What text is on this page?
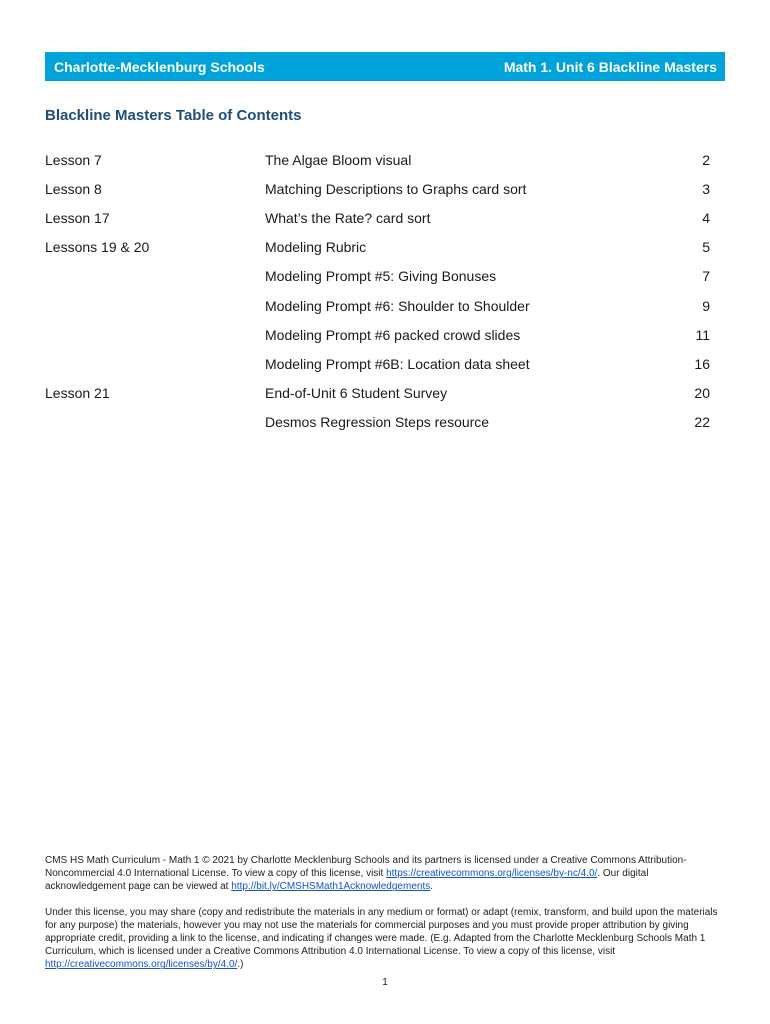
Charlotte-Mecklenburg Schools	Math 1. Unit 6 Blackline Masters
Blackline Masters Table of Contents
Lesson 7	The Algae Bloom visual	2
Lesson 8	Matching Descriptions to Graphs card sort	3
Lesson 17	What’s the Rate? card sort	4
Lessons 19 & 20	Modeling Rubric	5
Modeling Prompt #5: Giving Bonuses	7
Modeling Prompt #6: Shoulder to Shoulder	9
Modeling Prompt #6 packed crowd slides	11
Modeling Prompt #6B: Location data sheet	16
Lesson 21	End-of-Unit 6 Student Survey	20
Desmos Regression Steps resource	22

CMS HS Math Curriculum - Math 1 © 2021 by Charlotte Mecklenburg Schools and its partners is licensed under a Creative Commons Attribution-Noncommercial 4.0 International License. To view a copy of this license, visit https://creativecommons.org/licenses/by-nc/4.0/. Our digital acknowledgement page can be viewed at http://bit.ly/CMSHSMath1Acknowledgements.

Under this license, you may share (copy and redistribute the materials in any medium or format) or adapt (remix, transform, and build upon the materials for any purpose) the materials, however you may not use the materials for commercial purposes and you must provide proper attribution by giving appropriate credit, providing a link to the license, and indicating if changes were made. (E.g. Adapted from the Charlotte Mecklenburg Schools Math 1 Curriculum, which is licensed under a Creative Commons Attribution 4.0 International License. To view a copy of this license, visit http://creativecommons.org/licenses/by/4.0/.)

1
